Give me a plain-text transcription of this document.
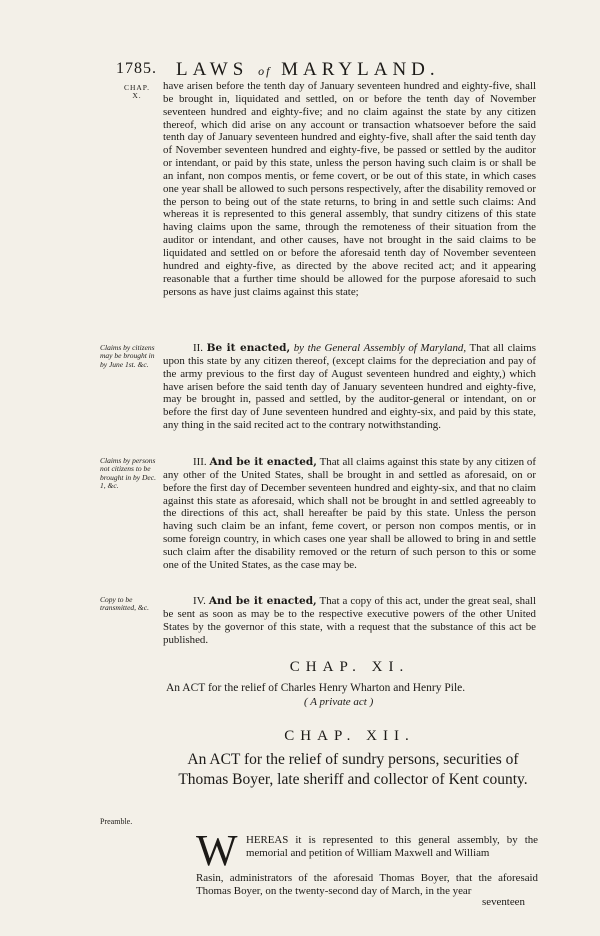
1785. LAWS of MARYLAND.
CHAP. X.
have arisen before the tenth day of January seventeen hundred and eighty-five, shall be brought in, liquidated and settled, on or before the tenth day of November seventeen hundred and eighty-five; and no claim against the state by any citizen thereof, which did arise on any account or transaction whatsoever before the said tenth day of January seventeen hundred and eighty-five, shall after the said tenth day of November seventeen hundred and eighty-five, be passed or settled by the auditor or intendant, or paid by this state, unless the person having such claim is or shall be an infant, non compos mentis, or feme covert, or be out of this state, in which cases one year shall be allowed to such persons respectively, after the disability removed or the person to being out of the state returns, to bring in and settle such claims: And whereas it is represented to this general assembly, that sundry citizens of this state having claims upon the same, through the remoteness of their situation from the auditor or intendant, and other causes, have not brought in the said claims to be liquidated and settled on or before the aforesaid tenth day of November seventeen hundred and eighty-five, as directed by the above recited act; and it appearing reasonable that a further time should be allowed for the purpose aforesaid to such persons as have just claims against this state;
Claims by citizens may be brought in by June 1st. &c.
II. Be it enacted, by the General Assembly of Maryland, That all claims upon this state by any citizen thereof, (except claims for the depreciation and pay of the army previous to the first day of August seventeen hundred and eighty,) which have arisen before the said tenth day of January seventeen hundred and eighty-five, may be brought in, passed and settled, by the auditor-general or intendant, on or before the first day of June seventeen hundred and eighty-six, and paid by this state, any thing in the said recited act to the contrary notwithstanding.
Claims by persons not citizens to be brought in by Dec. 1, &c.
III. And be it enacted, That all claims against this state by any citizen of any other of the United States, shall be brought in and settled as aforesaid, on or before the first day of December seventeen hundred and eighty-six, and that no claim against this state as aforesaid, which shall not be brought in and settled agreeably to the directions of this act, shall hereafter be paid by this state. Unless the person having such claim be an infant, feme covert, or person non compos mentis, or in some foreign country, in which cases one year shall be allowed to bring in and settle such claim after the disability removed or the return of such person to this or some one of the United States, as the case may be.
Copy to be transmitted, &c.
IV. And be it enacted, That a copy of this act, under the great seal, shall be sent as soon as may be to the respective executive powers of the other United States by the governor of this state, with a request that the substance of this act be published.
CHAP. XI.
An ACT for the relief of Charles Henry Wharton and Henry Pile.
( A private act )
CHAP. XII.
An ACT for the relief of sundry persons, securities of
Thomas Boyer, late sheriff and collector of Kent county.
Preamble.
W HEREAS it is represented to this general assembly, by the memorial and petition of William Maxwell and William
Rasin, administrators of the aforesaid Thomas Boyer, that the aforesaid Thomas Boyer, on the twenty-second day of March, in the year
seventeen
